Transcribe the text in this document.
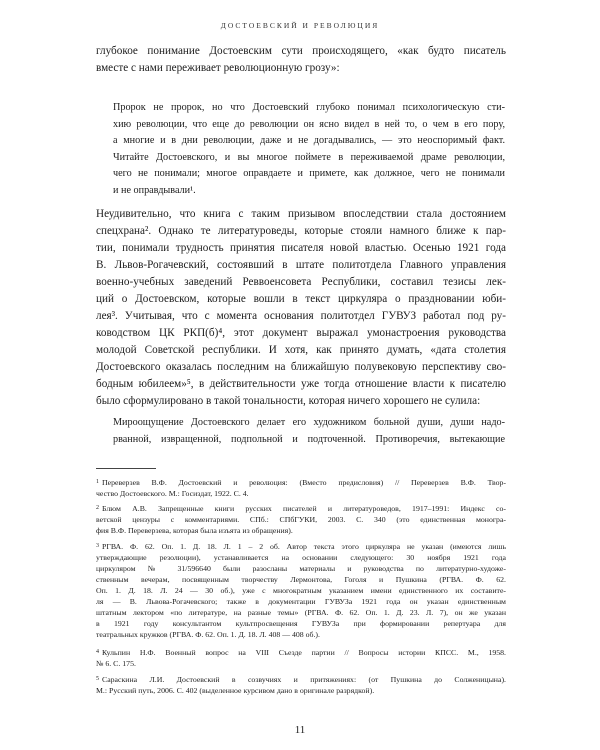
ДОСТОЕВСКИЙ И РЕВОЛЮЦИЯ
глубокое понимание Достоевским сути происходящего, «как будто писатель
вместе с нами переживает революционную грозу»:
Пророк не пророк, но что Достоевский глубоко понимал психологическую сти-
хию революции, что еще до революции он ясно видел в ней то, о чем в его пору,
а многие и в дни революции, даже и не догадывались, — это неоспоримый факт.
Читайте Достоевского, и вы многое поймете в переживаемой драме революции,
чего не понимали; многое оправдаете и примете, как должное, чего не понимали
и не оправдывали¹.
Неудивительно, что книга с таким призывом впоследствии стала достоянием
спецхрана². Однако те литературоведы, которые стояли намного ближе к пар-
тии, понимали трудность принятия писателя новой властью. Осенью 1921 года
В. Львов-Рогачевский, состоявший в штате политотдела Главного управления
военно-учебных заведений Реввоенсовета Республики, составил тезисы лек-
ций о Достоевском, которые вошли в текст циркуляра о праздновании юби-
лея³. Учитывая, что с момента основания политотдел ГУВУЗ работал под ру-
ководством ЦК РКП(б)⁴, этот документ выражал умонастроения руководства
молодой Советской республики. И хотя, как принято думать, «дата столетия
Достоевского оказалась последним на ближайшую полувековую перспективу сво-
бодным юбилеем»⁵, в действительности уже тогда отношение власти к писателю
было сформулировано в такой тональности, которая ничего хорошего не сулила:
Мироощущение Достоевского делает его художником больной души, души надо-
рванной, извращенной, подпольной и подточенной. Противоречия, вытекающие
$^1$ Переверзев В.Ф. Достоевский и революция: (Вместо предисловия) // Переверзев В.Ф. Твор-
чество Достоевского. М.: Госиздат, 1922. С. 4.
$^2$ Блюм А.В. Запрещенные книги русских писателей и литературоведов, 1917–1991: Индекс со-
ветской цензуры с комментариями. СПб.: СПбГУКИ, 2003. С. 340 (это единственная моногра-
фия В.Ф. Переверзева, которая была изъята из обращения).
$^3$ РГВА. Ф. 62. Оп. 1. Д. 18. Л. 1 – 2 об. Автор текста этого циркуляра не указан (имеются лишь
утверждающие резолюции), устанавливается на основании следующего: 30 ноября 1921 года
циркуляром № 31/596640 были разосланы материалы и руководства по литературно-художе-
ственным вечерам, посвященным творчеству Лермонтова, Гоголя и Пушкина (РГВА. Ф. 62.
Оп. 1. Д. 18. Л. 24 — 30 об.), уже с многократным указанием имени единственного их составите-
ля — В. Львова-Рогачевского; также в документации ГУВУЗа 1921 года он указан единственным
штатным лектором «по литературе, на разные темы» (РГВА. Ф. 62. Оп. 1. Д. 23. Л. 7), он же указан
в 1921 году консультантом культпросвещения ГУВУЗа при формировании репертуара для
театральных кружков (РГВА. Ф. 62. Оп. 1. Д. 18. Л. 408 — 408 об.).
$^4$ Кульпин Н.Ф. Военный вопрос на VIII Съезде партии // Вопросы истории КПСС. М., 1958.
№ 6. С. 175.
$^5$ Сараскина Л.И. Достоевский в созвучиях и притяжениях: (от Пушкина до Солженицына).
М.: Русский путь, 2006. С. 402 (выделенное курсивом дано в оригинале разрядкой).
11
